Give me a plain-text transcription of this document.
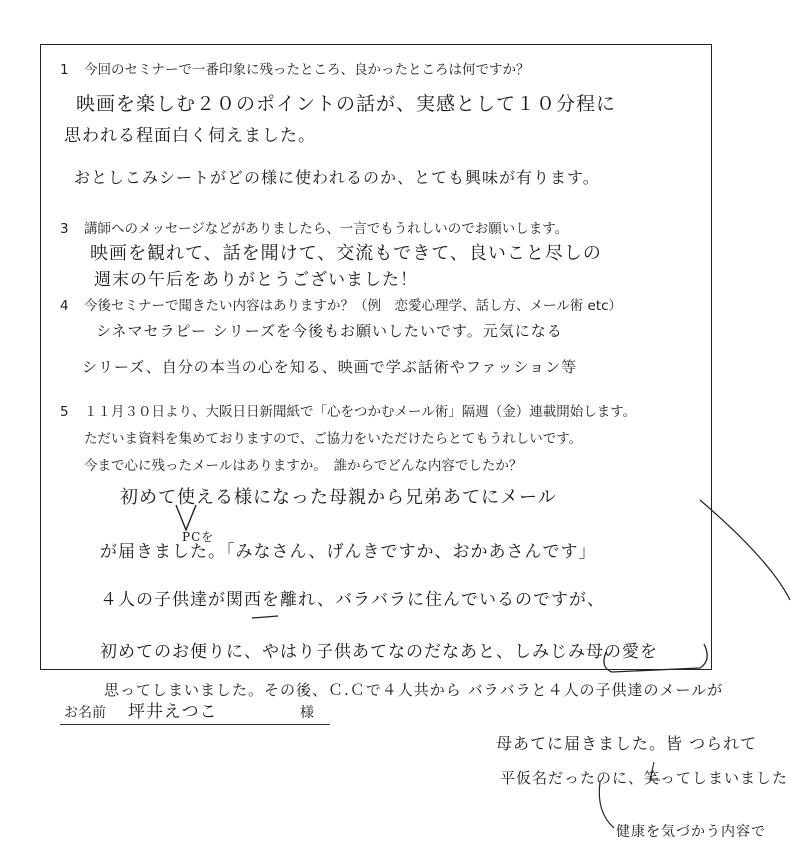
1 今回のセミナーで一番印象に残ったところ、良かったところは何ですか？
映画を楽しむ２０のポイントの話が、実感として１０分程に
思われる程面白く伺えました。
おとしこみシートがどの様に使われるのか、とても興味が有ります。
3 講師へのメッセージなどがありましたら、一言でもうれしいのでお願いします。
映画を観れて、話を聞けて、交流もできて、良いこと尽しの
週末の午后をありがとうございました！
4 今後セミナーで聞きたい内容はありますか？（例　恋愛心理学、話し方、メール術 etc）
シネマセラピー シリーズを今後もお願いしたいです。元気になる
シリーズ、自分の本当の心を知る、映画で学ぶ話術やファッション等
5 １１月３０日より、大阪日日新聞紙で「心をつかむメール術」隔週（金）連載開始します。
ただいま資料を集めておりますので、ご協力をいただけたらとてもうれしいです。
今まで心に残ったメールはありますか。　誰からでどんな内容でしたか？
初めて使える様になった母親から兄弟あてにメール
PCを
が届きました。「みなさん、げんきですか、おかあさんです」
４人の子供達が関西を離れ、バラバラに住んでいるのですが、
初めてのお便りに、やはり子供あてなのだなあと、しみじみ母の愛を
思ってしまいました。その後、Ｃ.Ｃで４人共から バラバラと４人の子供達のメールが
お名前 坪井えつこ	様
母あてに届きました。皆 つられて
平仮名だったのに、笑ってしまいました
健康を気づかう内容で
